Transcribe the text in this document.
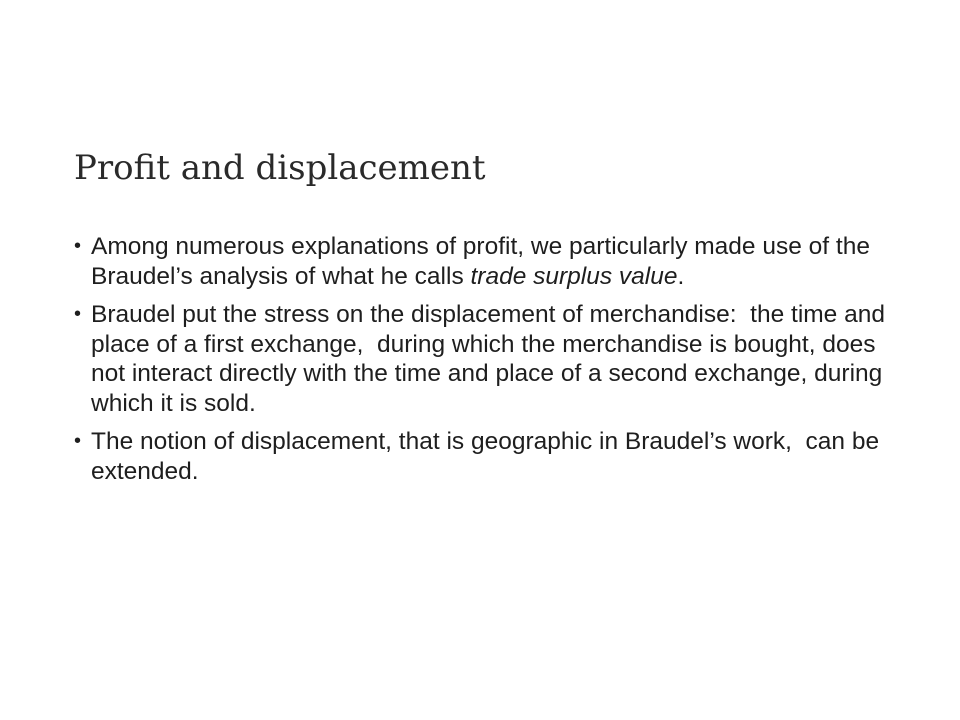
Profit and displacement
• Among numerous explanations of profit, we particularly made use of the Braudel’s analysis of what he calls trade surplus value.
• Braudel put the stress on the displacement of merchandise:  the time and place of a first exchange,  during which the merchandise is bought, does not interact directly with the time and place of a second exchange, during which it is sold.
• The notion of displacement, that is geographic in Braudel’s work,  can be extended.
